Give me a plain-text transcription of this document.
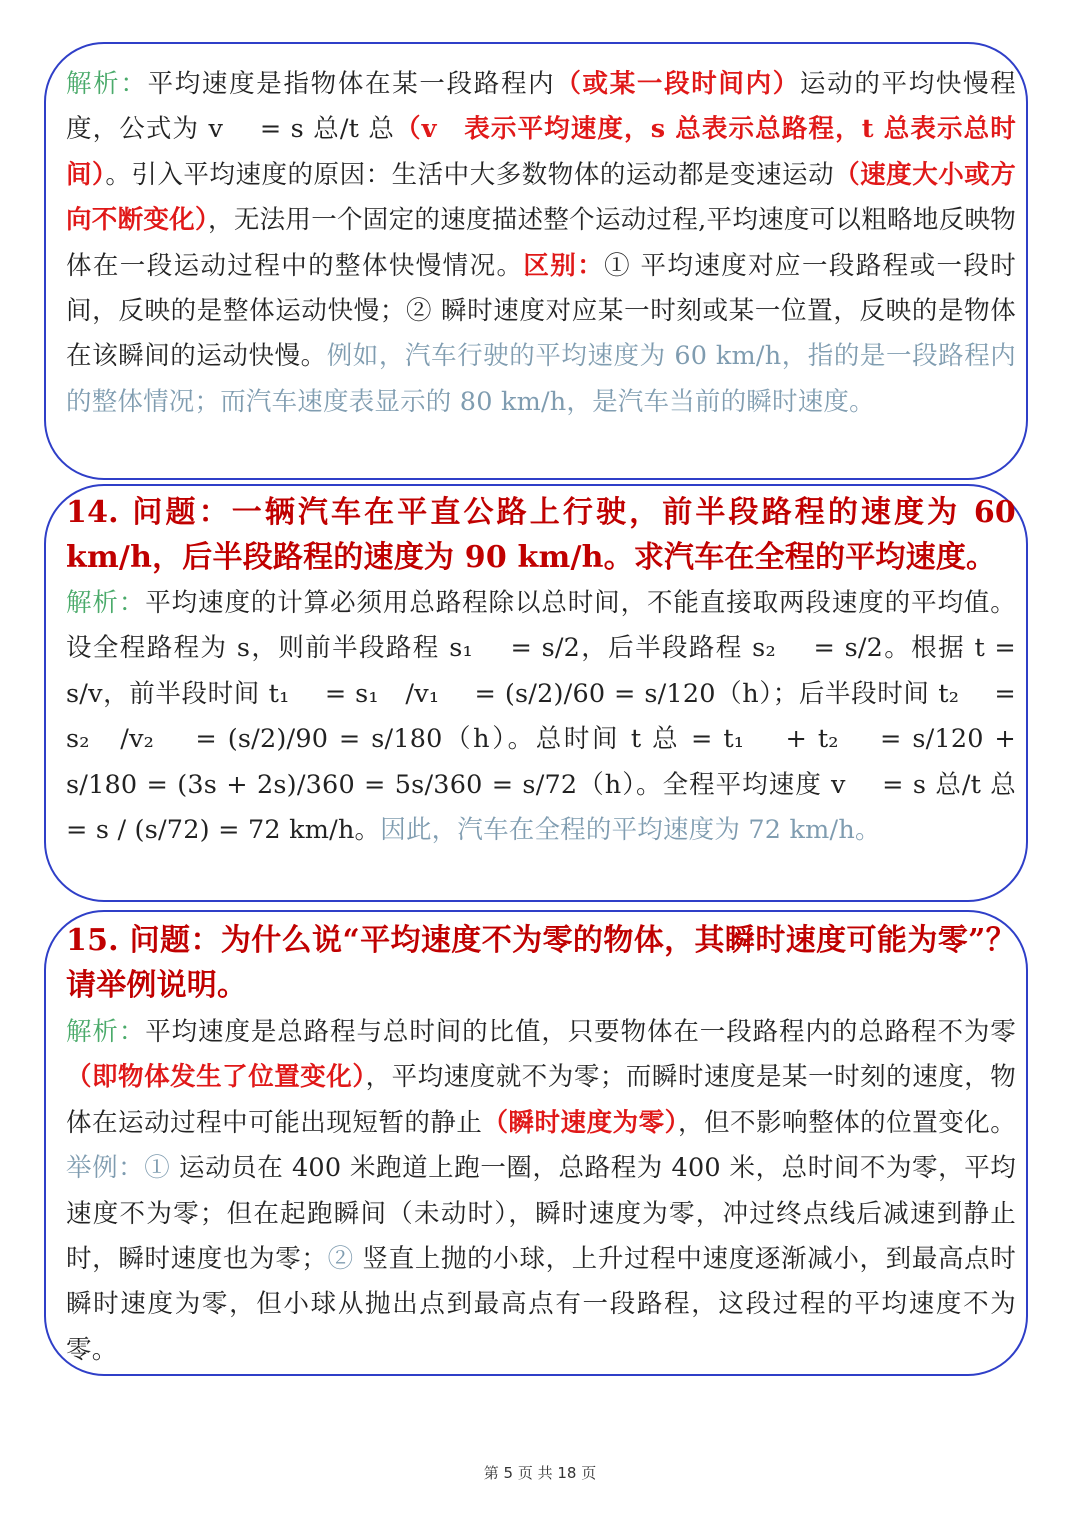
解析：平均速度是指物体在某一段路程内（或某一段时间内）运动的平均快慢程度，公式为 v　 = s 总/t 总（v　表示平均速度，s 总表示总路程，t 总表示总时间）。引入平均速度的原因：生活中大多数物体的运动都是变速运动（速度大小或方向不断变化），无法用一个固定的速度描述整个运动过程,平均速度可以粗略地反映物体在一段运动过程中的整体快慢情况。区别：① 平均速度对应一段路程或一段时间，反映的是整体运动快慢；② 瞬时速度对应某一时刻或某一位置，反映的是物体在该瞬间的运动快慢。例如，汽车行驶的平均速度为 60 km/h，指的是一段路程内的整体情况；而汽车速度表显示的 80 km/h，是汽车当前的瞬时速度。
14. 问题：一辆汽车在平直公路上行驶，前半段路程的速度为 60 km/h，后半段路程的速度为 90 km/h。求汽车在全程的平均速度。
解析：平均速度的计算必须用总路程除以总时间，不能直接取两段速度的平均值。设全程路程为 s，则前半段路程 s₁　 = s/2，后半段路程 s₂　 = s/2。根据 t = s/v，前半段时间 t₁　 = s₁　/v₁　 = (s/2)/60 = s/120（h）；后半段时间 t₂　 = s₂　/v₂　 = (s/2)/90 = s/180（h）。总时间 t 总 = t₁　 + t₂　 = s/120 + s/180 = (3s + 2s)/360 = 5s/360 = s/72（h）。全程平均速度 v　 = s 总/t 总 = s / (s/72) = 72 km/h。因此，汽车在全程的平均速度为 72 km/h。
15. 问题：为什么说“平均速度不为零的物体，其瞬时速度可能为零”？请举例说明。
解析：平均速度是总路程与总时间的比值，只要物体在一段路程内的总路程不为零（即物体发生了位置变化），平均速度就不为零；而瞬时速度是某一时刻的速度，物体在运动过程中可能出现短暂的静止（瞬时速度为零），但不影响整体的位置变化。举例：① 运动员在 400 米跑道上跑一圈，总路程为 400 米，总时间不为零，平均速度不为零；但在起跑瞬间（未动时），瞬时速度为零，冲过终点线后减速到静止时，瞬时速度也为零；② 竖直上抛的小球，上升过程中速度逐渐减小，到最高点时瞬时速度为零，但小球从抛出点到最高点有一段路程，这段过程的平均速度不为零。
第 5 页 共 18 页
